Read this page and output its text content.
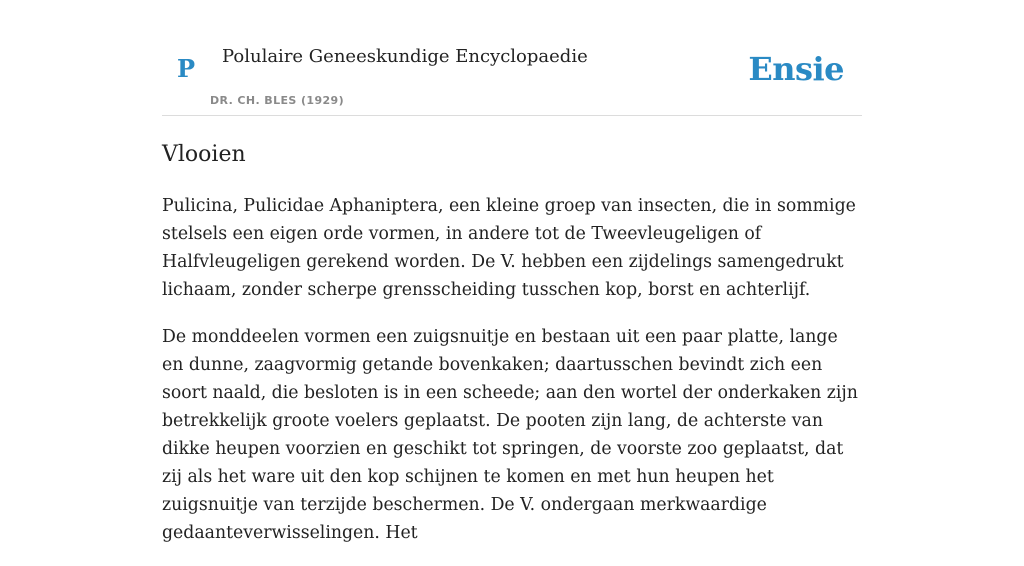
P Polulaire Geneeskundige Encyclopaedie
DR. CH. BLES (1929)
Ensie
Vlooien

Pulicina, Pulicidae Aphaniptera, een kleine groep van insecten, die in sommige stelsels een eigen orde vormen, in andere tot de Tweevleugeligen of Halfvleugeligen gerekend worden. De V. hebben een zijdelings samengedrukt lichaam, zonder scherpe grensscheiding tusschen kop, borst en achterlijf.

De monddeelen vormen een zuigsnuitje en bestaan uit een paar platte, lange en dunne, zaagvormig getande bovenkaken; daartusschen bevindt zich een soort naald, die besloten is in een scheede; aan den wortel der onderkaken zijn betrekkelijk groote voelers geplaatst. De pooten zijn lang, de achterste van dikke heupen voorzien en geschikt tot springen, de voorste zoo geplaatst, dat zij als het ware uit den kop schijnen te komen en met hun heupen het zuigsnuitje van terzijde beschermen. De V. ondergaan merkwaardige gedaanteverwisselingen. Het
